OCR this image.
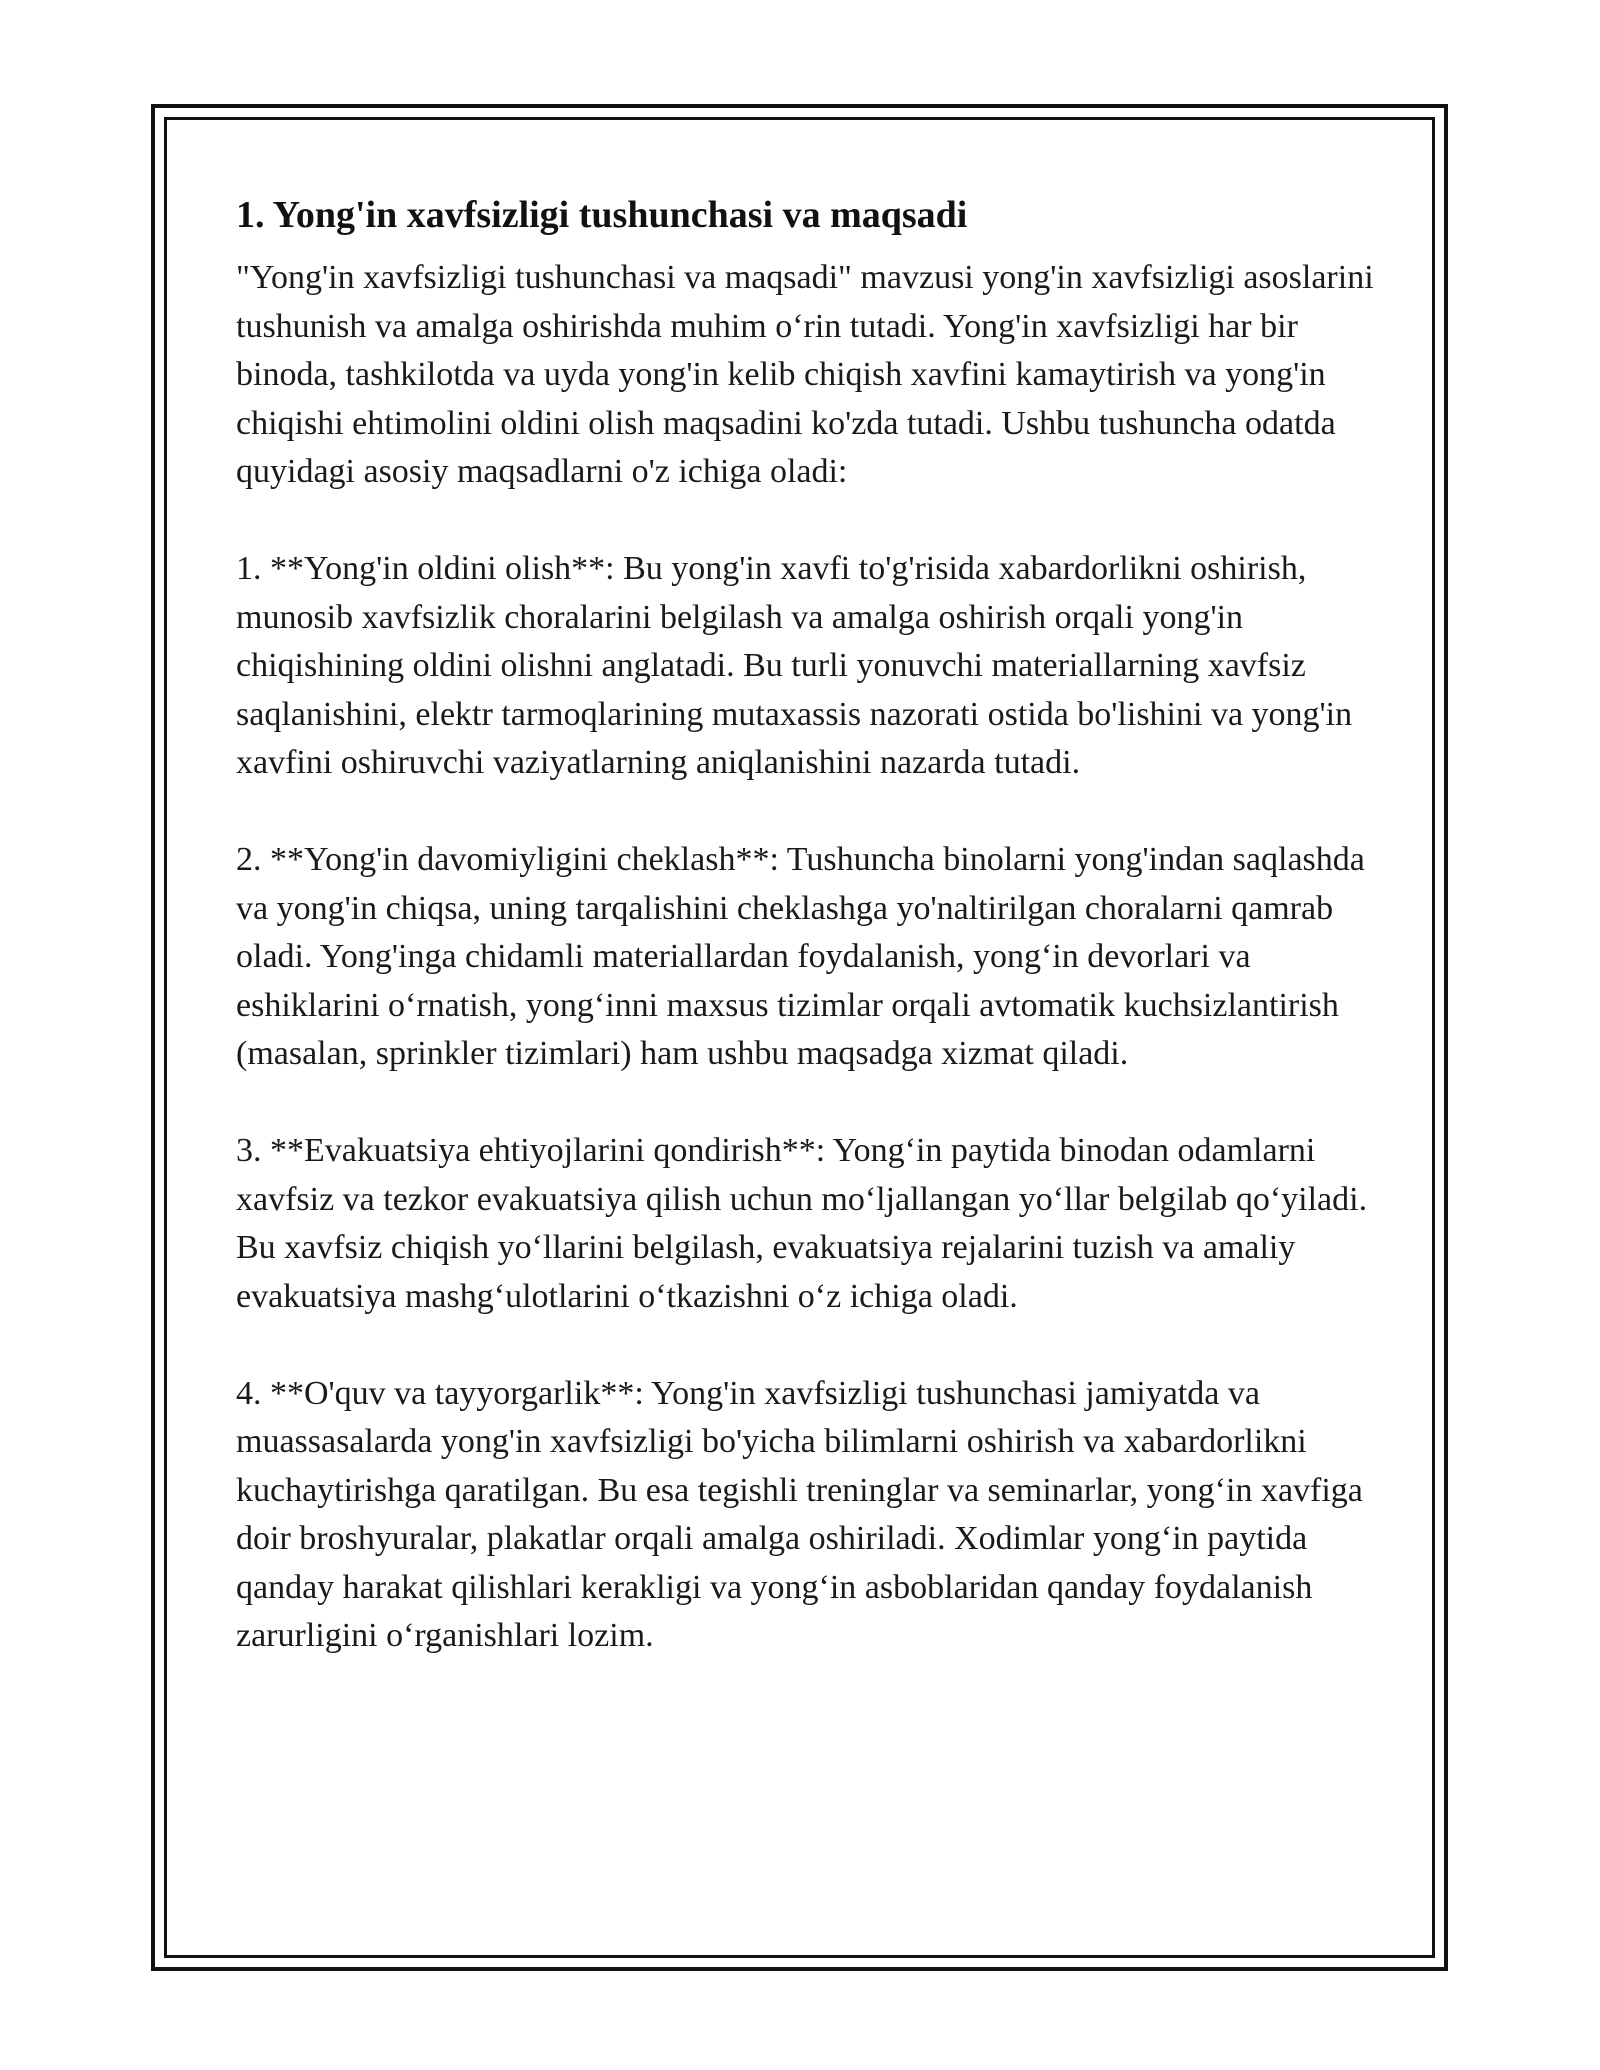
1. Yong'in xavfsizligi tushunchasi va maqsadi

"Yong'in xavfsizligi tushunchasi va maqsadi" mavzusi yong'in xavfsizligi asoslarini tushunish va amalga oshirishda muhim o‘rin tutadi. Yong'in xavfsizligi har bir binoda, tashkilotda va uyda yong'in kelib chiqish xavfini kamaytirish va yong'in chiqishi ehtimolini oldini olish maqsadini ko'zda tutadi. Ushbu tushuncha odatda quyidagi asosiy maqsadlarni o'z ichiga oladi:

1. **Yong'in oldini olish**: Bu yong'in xavfi to'g'risida xabardorlikni oshirish, munosib xavfsizlik choralarini belgilash va amalga oshirish orqali yong'in chiqishining oldini olishni anglatadi. Bu turli yonuvchi materiallarning xavfsiz saqlanishini, elektr tarmoqlarining mutaxassis nazorati ostida bo'lishini va yong'in xavfini oshiruvchi vaziyatlarning aniqlanishini nazarda tutadi.

2. **Yong'in davomiyligini cheklash**: Tushuncha binolarni yong'indan saqlashda va yong'in chiqsa, uning tarqalishini cheklashga yo'naltirilgan choralarni qamrab oladi. Yong'inga chidamli materiallardan foydalanish, yong‘in devorlari va eshiklarini o‘rnatish, yong‘inni maxsus tizimlar orqali avtomatik kuchsizlantirish (masalan, sprinkler tizimlari) ham ushbu maqsadga xizmat qiladi.

3. **Evakuatsiya ehtiyojlarini qondirish**: Yong‘in paytida binodan odamlarni xavfsiz va tezkor evakuatsiya qilish uchun mo‘ljallangan yo‘llar belgilab qo‘yiladi. Bu xavfsiz chiqish yo‘llarini belgilash, evakuatsiya rejalarini tuzish va amaliy evakuatsiya mashg‘ulotlarini o‘tkazishni o‘z ichiga oladi.

4. **O'quv va tayyorgarlik**: Yong'in xavfsizligi tushunchasi jamiyatda va muassasalarda yong'in xavfsizligi bo'yicha bilimlarni oshirish va xabardorlikni kuchaytirishga qaratilgan. Bu esa tegishli treninglar va seminarlar, yong‘in xavfiga doir broshyuralar, plakatlar orqali amalga oshiriladi. Xodimlar yong‘in paytida qanday harakat qilishlari kerakligi va yong‘in asboblaridan qanday foydalanish zarurligini o‘rganishlari lozim.
